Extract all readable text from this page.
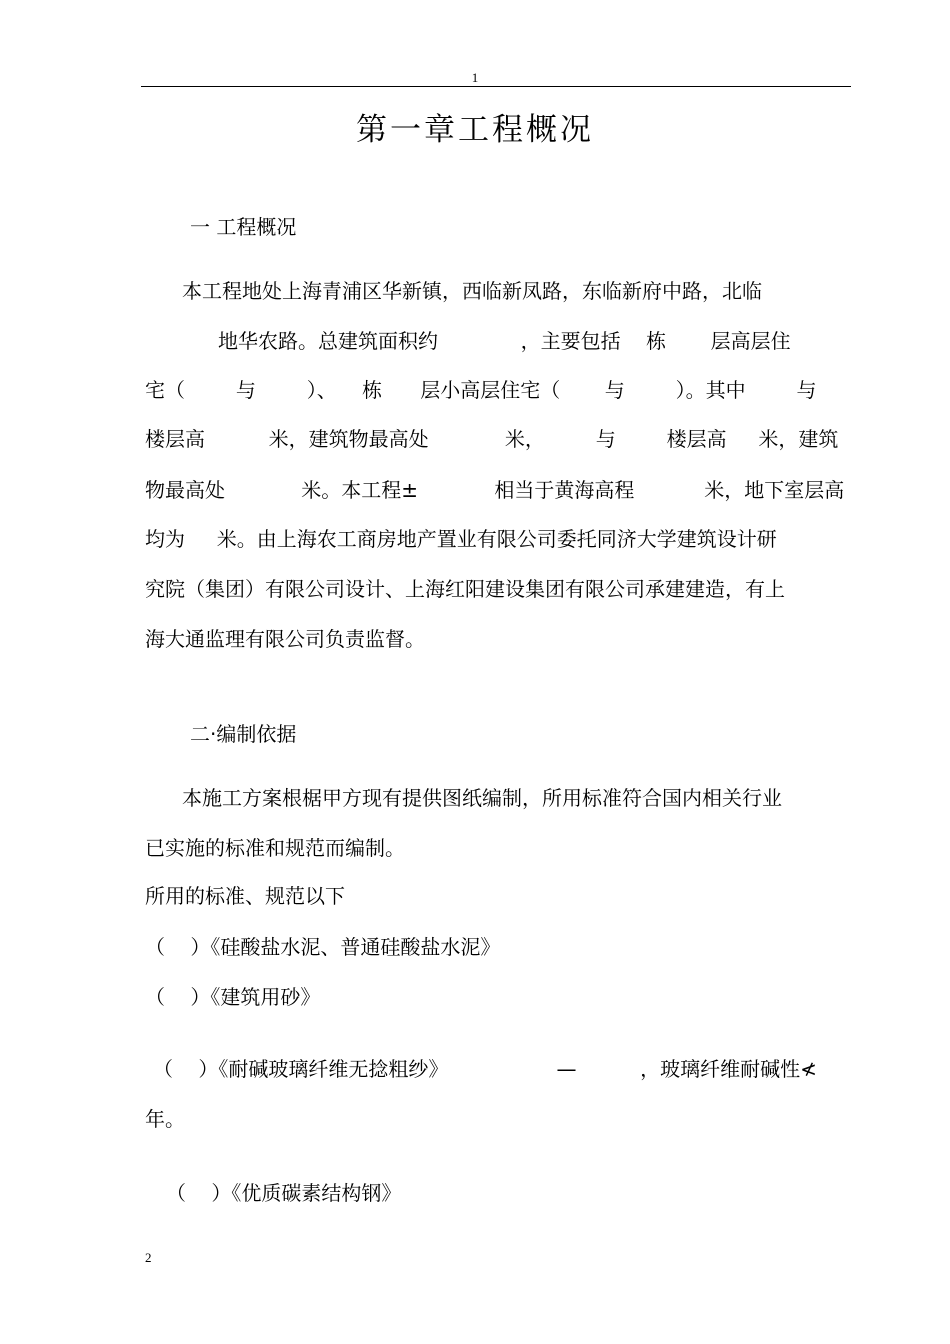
1
第一章工程概况
一 工程概况
本工程地处上海青浦区华新镇，西临新凤路，东临新府中路，北临
地华农路。总建筑面积约             ，主要包括    栋       层高层住
宅（        与        ）、    栋      层小高层住宅（       与        ）。其中        与
楼层高          米，建筑物最高处            米，        与        楼层高     米，建筑
物最高处            米。本工程±            相当于黄海高程           米，地下室层高
均为     米。由上海农工商房地产置业有限公司委托同济大学建筑设计研
究院（集团）有限公司设计、上海红阳建设集团有限公司承建建造，有上
海大通监理有限公司负责监督。
二·编制依据
本施工方案根椐甲方现有提供图纸编制，所用标准符合国内相关行业
已实施的标准和规范而编制。
所用的标准、规范以下
（    ）《硅酸盐水泥、普通硅酸盐水泥》
（    ）《建筑用砂》
（    ）《耐碱玻璃纤维无捻粗纱》                 —          ，玻璃纤维耐碱性≮
年。
（    ）《优质碳素结构钢》
2
